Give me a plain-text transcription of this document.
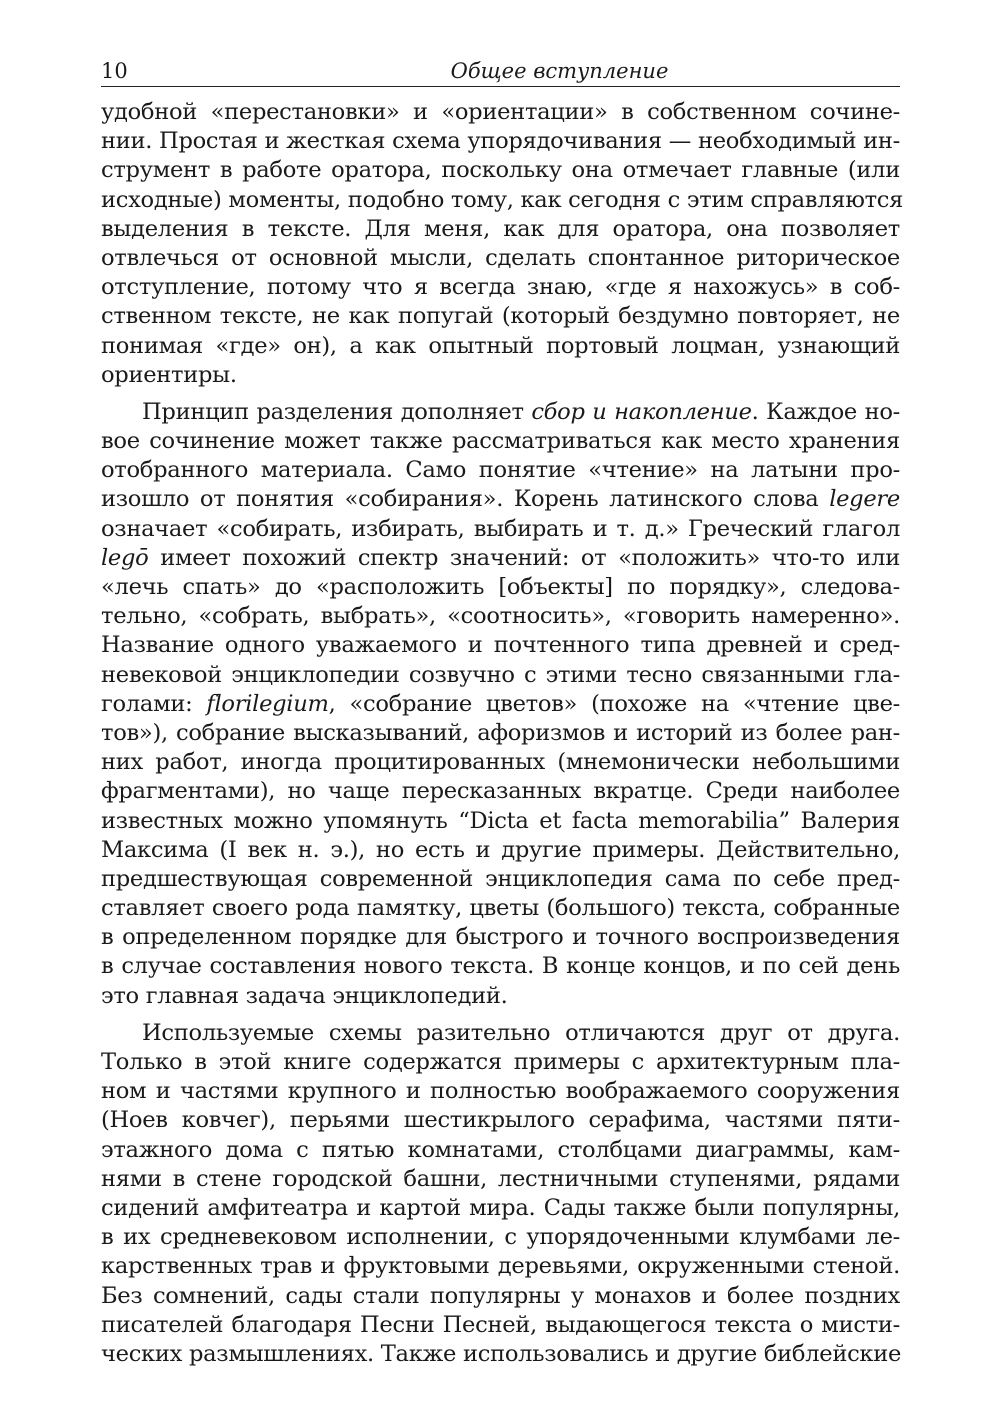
10	Общее вступление
удобной «перестановки» и «ориентации» в собственном сочине-
нии. Простая и жесткая схема упорядочивания — необходимый ин-
струмент в работе оратора, поскольку она отмечает главные (или
исходные) моменты, подобно тому, как сегодня с этим справляются
выделения в тексте. Для меня, как для оратора, она позволяет
отвлечься от основной мысли, сделать спонтанное риторическое
отступление, потому что я всегда знаю, «где я нахожусь» в соб-
ственном тексте, не как попугай (который бездумно повторяет, не
понимая «где» он), а как опытный портовый лоцман, узнающий
ориентиры.
Принцип разделения дополняет сбор и накопление. Каждое но-
вое сочинение может также рассматриваться как место хранения
отобранного материала. Само понятие «чтение» на латыни про-
изошло от понятия «собирания». Корень латинского слова legere
означает «собирать, избирать, выбирать и т. д.» Греческий глагол
legō имеет похожий спектр значений: от «положить» что-то или
«лечь спать» до «расположить [объекты] по порядку», следова-
тельно, «собрать, выбрать», «соотносить», «говорить намеренно».
Название одного уважаемого и почтенного типа древней и сред-
невековой энциклопедии созвучно с этими тесно связанными гла-
голами: florilegium, «собрание цветов» (похоже на «чтение цве-
тов»), собрание высказываний, афоризмов и историй из более ран-
них работ, иногда процитированных (мнемонически небольшими
фрагментами), но чаще пересказанных вкратце. Среди наиболее
известных можно упомянуть “Dicta et facta memorabilia” Валерия
Максима (I век н. э.), но есть и другие примеры. Действительно,
предшествующая современной энциклопедия сама по себе пред-
ставляет своего рода памятку, цветы (большого) текста, собранные
в определенном порядке для быстрого и точного воспроизведения
в случае составления нового текста. В конце концов, и по сей день
это главная задача энциклопедий.
Используемые схемы разительно отличаются друг от друга.
Только в этой книге содержатся примеры с архитектурным пла-
ном и частями крупного и полностью воображаемого сооружения
(Ноев ковчег), перьями шестикрылого серафима, частями пяти-
этажного дома с пятью комнатами, столбцами диаграммы, кам-
нями в стене городской башни, лестничными ступенями, рядами
сидений амфитеатра и картой мира. Сады также были популярны,
в их средневековом исполнении, с упорядоченными клумбами ле-
карственных трав и фруктовыми деревьями, окруженными стеной.
Без сомнений, сады стали популярны у монахов и более поздних
писателей благодаря Песни Песней, выдающегося текста о мисти-
ческих размышлениях. Также использовались и другие библейские
